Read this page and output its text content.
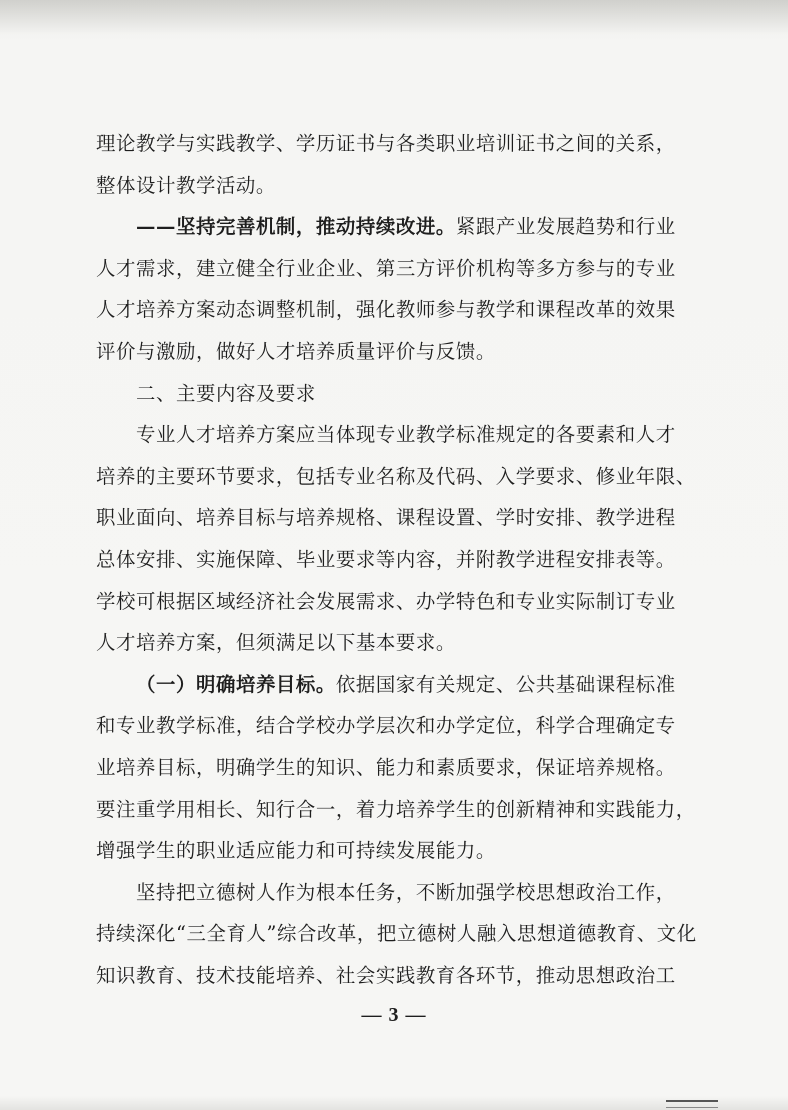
理论教学与实践教学、学历证书与各类职业培训证书之间的关系，
整体设计教学活动。
——坚持完善机制，推动持续改进。紧跟产业发展趋势和行业
人才需求，建立健全行业企业、第三方评价机构等多方参与的专业
人才培养方案动态调整机制，强化教师参与教学和课程改革的效果
评价与激励，做好人才培养质量评价与反馈。
二、主要内容及要求
专业人才培养方案应当体现专业教学标准规定的各要素和人才
培养的主要环节要求，包括专业名称及代码、入学要求、修业年限、
职业面向、培养目标与培养规格、课程设置、学时安排、教学进程
总体安排、实施保障、毕业要求等内容，并附教学进程安排表等。
学校可根据区域经济社会发展需求、办学特色和专业实际制订专业
人才培养方案，但须满足以下基本要求。
（一）明确培养目标。依据国家有关规定、公共基础课程标准
和专业教学标准，结合学校办学层次和办学定位，科学合理确定专
业培养目标，明确学生的知识、能力和素质要求，保证培养规格。
要注重学用相长、知行合一，着力培养学生的创新精神和实践能力，
增强学生的职业适应能力和可持续发展能力。
坚持把立德树人作为根本任务，不断加强学校思想政治工作，
持续深化“三全育人”综合改革，把立德树人融入思想道德教育、文化
知识教育、技术技能培养、社会实践教育各环节，推动思想政治工
— 3 —
